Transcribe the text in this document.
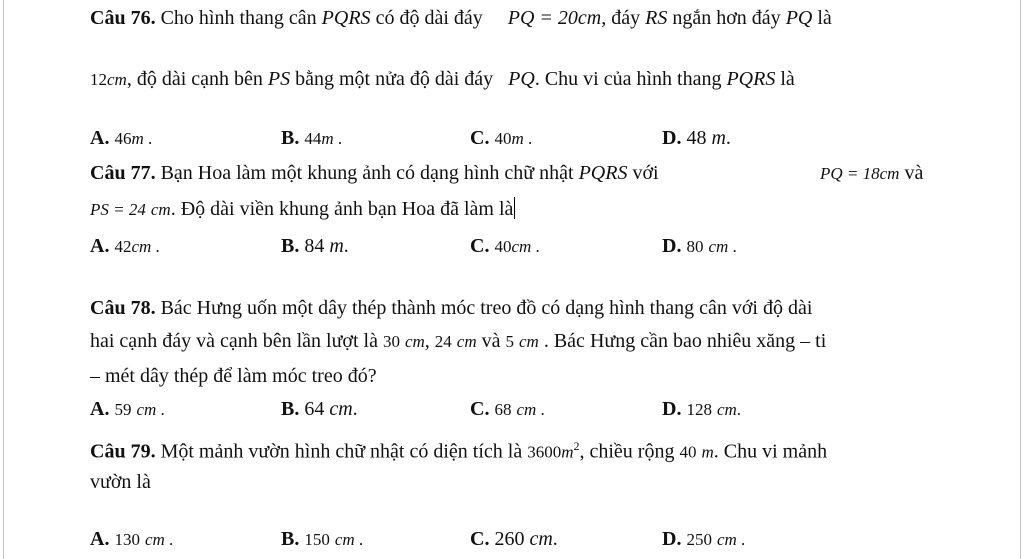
Câu 76. Cho hình thang cân PQRS có độ dài đáy PQ = 20cm, đáy RS ngắn hơn đáy PQ là
12cm, độ dài cạnh bên PS bằng một nửa độ dài đáy PQ. Chu vi của hình thang PQRS là
A. 46m .	B. 44m .	C. 40m .	D. 48 m.
Câu 77. Bạn Hoa làm một khung ảnh có dạng hình chữ nhật PQRS với	PQ = 18cm và
PS = 24 cm. Độ dài viền khung ảnh bạn Hoa đã làm là
A. 42cm .	B. 84 m.	C. 40cm .	D. 80 cm .
Câu 78. Bác Hưng uốn một dây thép thành móc treo đồ có dạng hình thang cân với độ dài
hai cạnh đáy và cạnh bên lần lượt là 30 cm, 24 cm và 5 cm . Bác Hưng cần bao nhiêu xăng – ti
– mét dây thép để làm móc treo đó?
A. 59 cm .	B. 64 cm.	C. 68 cm .	D. 128 cm.
Câu 79. Một mảnh vườn hình chữ nhật có diện tích là $3600m^2$, chiều rộng 40 m. Chu vi mảnh
vườn là
A. 130 cm .	B. 150 cm .	C. 260 cm.	D. 250 cm .
